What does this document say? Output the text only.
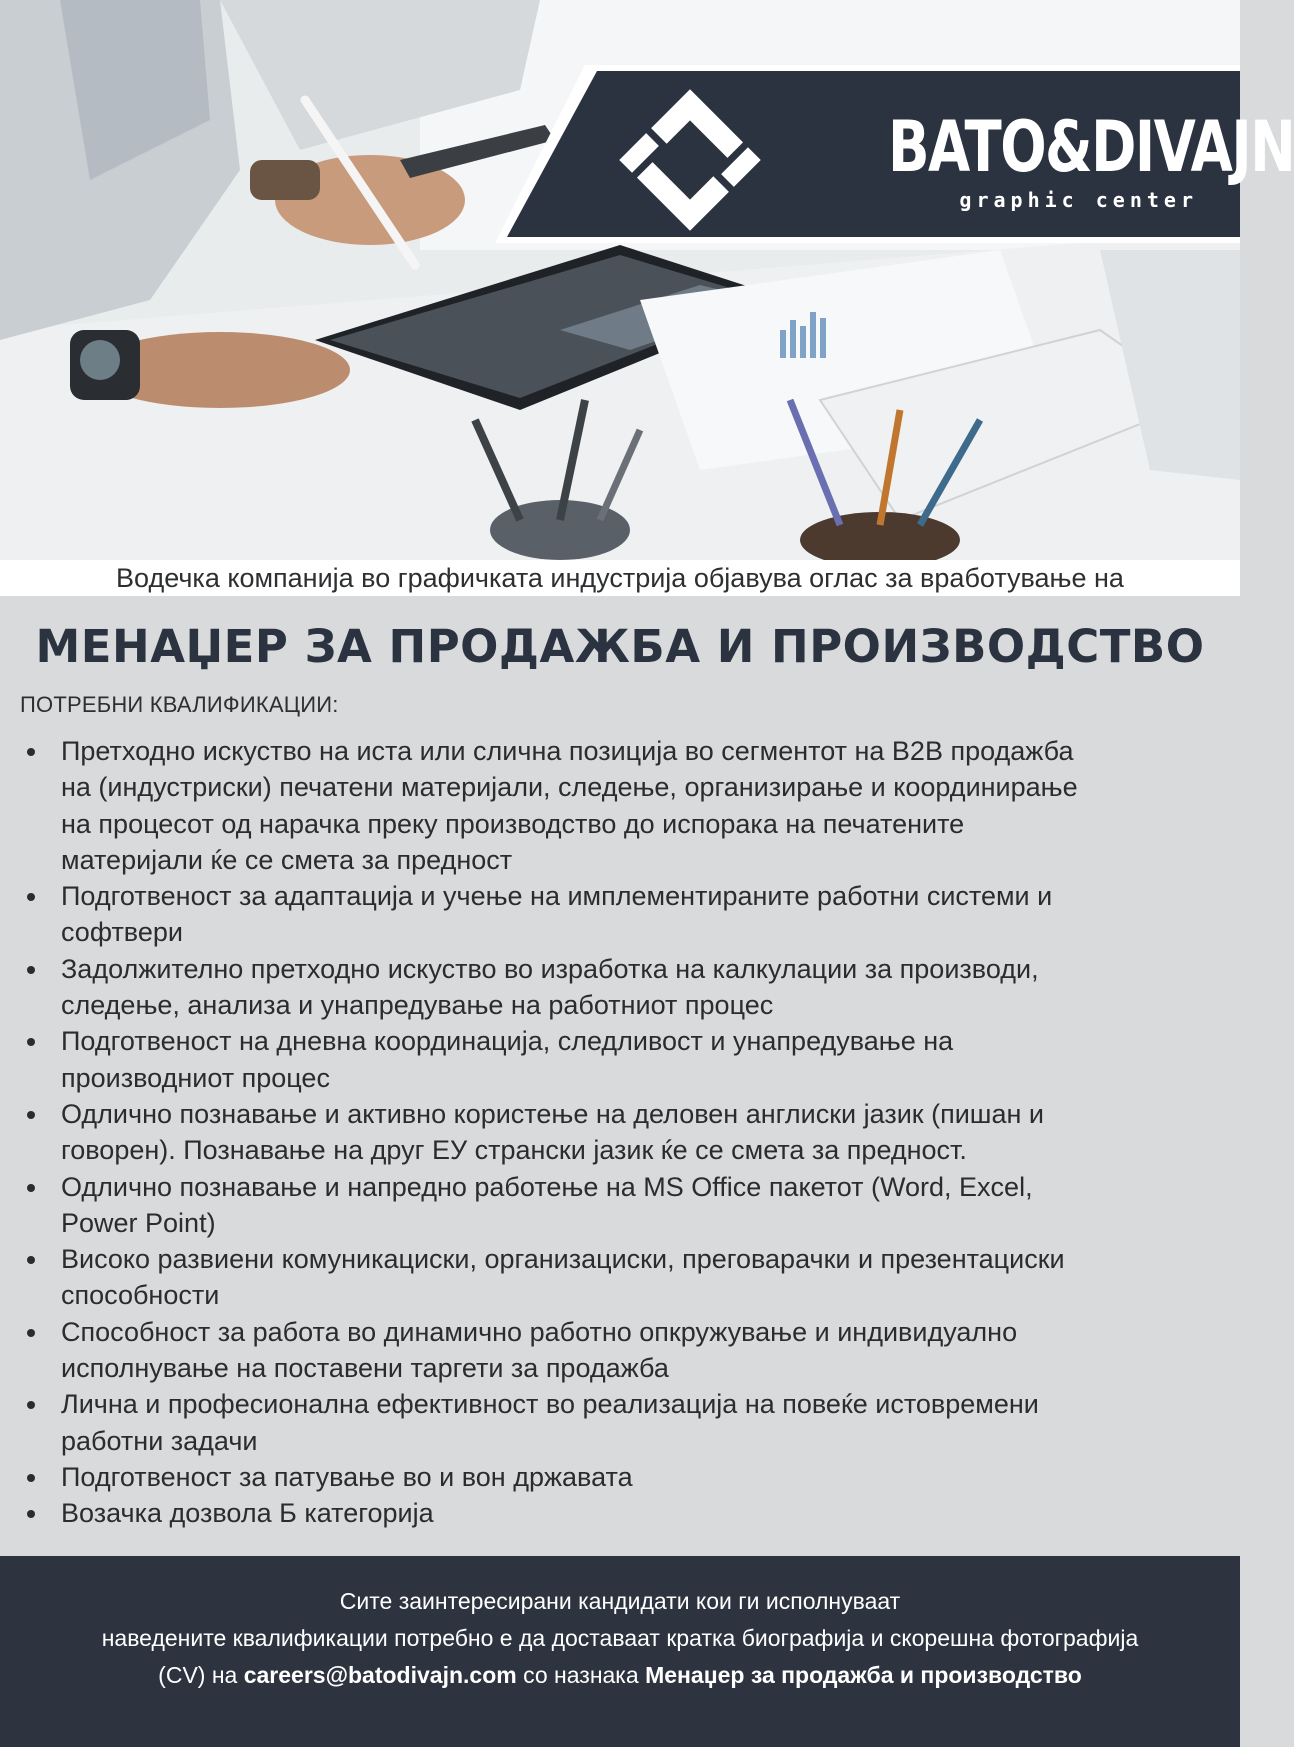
BATO&DIVAJN
graphic center
Водечка компанија во графичката индустрија објавува оглас за вработување на
МЕНАЏЕР ЗА ПРОДАЖБА И ПРОИЗВОДСТВО
ПОТРЕБНИ КВАЛИФИКАЦИИ:
Претходно искуство на иста или слична позиција во сегментот на B2B продажба
на (индустриски) печатени материјали, следење, организирање и координирање
на процесот од нарачка преку производство до испорака на печатените
материјали ќе се смета за предност
Подготвеност за адаптација и учење на имплементираните работни системи и
софтвери
Задолжително претходно искуство во изработка на калкулации за производи,
следење, анализа и унапредување на работниот процес
Подготвеност на дневна координација, следливост и унапредување на
производниот процес
Одлично познавање и активно користење на деловен англиски јазик (пишан и
говорен). Познавање на друг ЕУ странски јазик ќе се смета за предност.
Одлично познавање и напредно работење на MS Office пакетот (Word, Excel,
Power Point)
Високо развиени комуникациски, организациски, преговарачки и презентациски
способности
Способност за работа во динамично работно опкружување и индивидуално
исполнување на поставени таргети за продажба
Лична и професионална ефективност во реализација на повеќе истовремени
работни задачи
Подготвеност за патување во и вон државата
Возачка дозвола Б категорија
Сите заинтересирани кандидати кои ги исполнуваат
наведените квалификации потребно е да доставаат кратка биографија и скорешна фотографија
(CV) на careers@batodivajn.com со назнака Менаџер за продажба и производство
